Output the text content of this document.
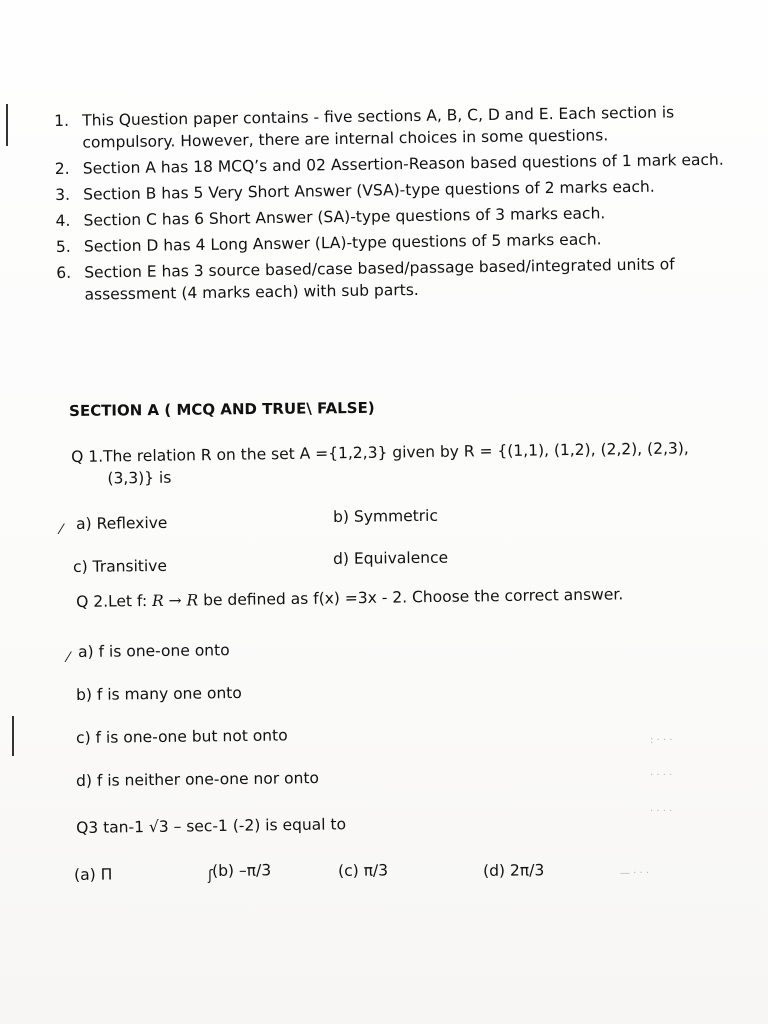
1. This Question paper contains - five sections A, B, C, D and E. Each section is compulsory. However, there are internal choices in some questions.
2. Section A has 18 MCQ’s and 02 Assertion-Reason based questions of 1 mark each.
3. Section B has 5 Very Short Answer (VSA)-type questions of 2 marks each.
4. Section C has 6 Short Answer (SA)-type questions of 3 marks each.
5. Section D has 4 Long Answer (LA)-type questions of 5 marks each.
6. Section E has 3 source based/case based/passage based/integrated units of assessment (4 marks each) with sub parts.
SECTION A ( MCQ AND TRUE\ FALSE)
Q 1.The relation R on the set A ={1,2,3} given by R = {(1,1), (1,2), (2,2), (2,3),
(3,3)} is
⁄ a) Reflexive	b) Symmetric
c) Transitive	d) Equivalence
Q 2.Let f: R → R be defined as f(x) =3x - 2. Choose the correct answer.
⁄ a) f is one-one onto
b) f is many one onto
c) f is one-one but not onto
d) f is neither one-one nor onto
Q3 tan-1 √3 – sec-1 (-2) is equal to
(a) Π	ʃ (b) –π/3	(c) π/3	(d) 2π/3
: · · ·
· · · ·
· · · ·
— · · ·
